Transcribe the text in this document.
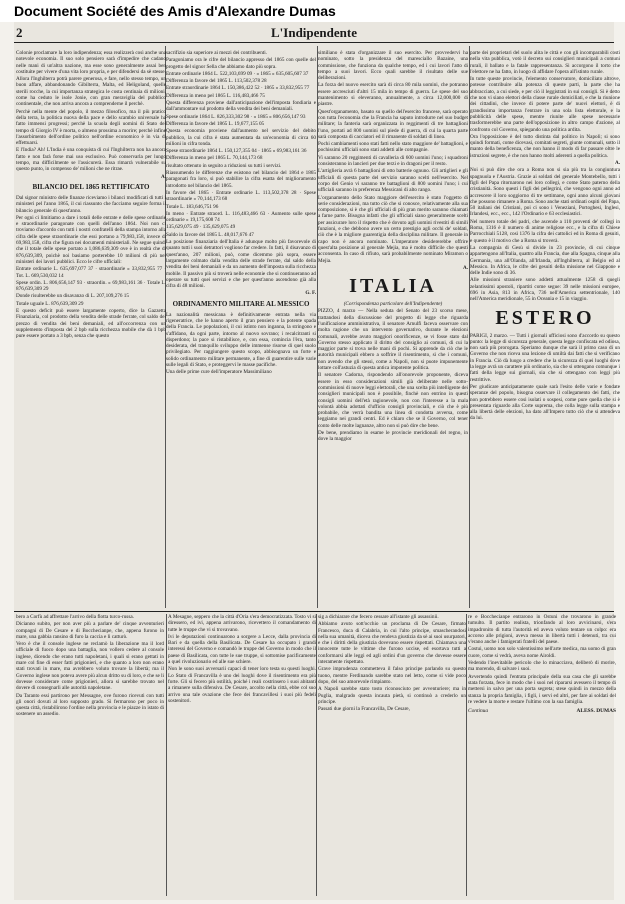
Document Société des Amis d'Alexandre Dumas
2	L'Indipendente

Colonie proclamare la loro indipendenza; essa realizzerà così anche una notevole economia. Il suo solo pensiero sarà d'impedire che cadano nelle mani di un'altra nazione, ma esse sono generalmente assai ben costituite per vivere d'una vita loro propria, e per difendersi da sè stesse.

Allora l'Inghilterra potrà parere generosa, e fare, nello stesso tempo, un buon affare, abbandonando Gibilterra, Malta, ed Heligoland, quelle sterili rocche, la cui importanza strategica le costa centinaia di milioni, come ha ceduto le isole Jonie, con gran meraviglia del pubblico continentale, che non arriva ancora a comprenderne il perchè.

Perchè nella mente del popolo, il mezzo filosofico, ma il più pratico della terra, la politica nuova della pace e dello scambio universale ha fatto immensi progressi; perchè la scuola degli uomini di Stato del tempo di Giorgio IV è morta, o almeno prossima a morire; perchè infine l'assorbimento dell'ordine politico nell'ordine economico è in via di effettuarsi.

E l'India? Ah! L'India è una conquista di cui l'Inghilterra non ha ancora fatto e non farà forse mai uso esclusivo. Può conservarla per lungo tempo, ma difficilmente se l'assicurerà. Essa rimarrà vulnerabile su questo punto, in compenso de' milioni che ne ritrae.

A.

BILANCIO DEL 1865 RETTIFICATO

Dal signor ministro delle finanze riceviamo i bilanci modificati di tutti i ministeri pel l'anno 1865, il cui riassunto che facciamo seguire forma il bilancio generale di quest'anno.

Per ogni ci limitiamo a dare i totali delle entrate e delle spese ordinarie e straordinarie paragonate con quelli dell'anno 1864. Noi non ci troviamo d'accordo con tutti i nostri confratelli della stampa intorno alla cifra delle spese straordinarie che essi portano a 79,983,158, invece di 69,983,158, cifra che figura nei documenti ministeriali. Ne segue quindi che il totale delle spese portato a 1,086,639,309 ove è in realtà che di 876,639,309, poichè noi basiamo porterebbe 10 milioni di più nei ministeri dei lavori pubblici. Ecco le cifre ufficiali:

Entrate ordinarie L. 635,697,077 37 · straordinarie » 33,832,955 77 · Tot. L. 669,530,032 14

Spese ordin. L. 806,656,147 93 · straordin. » 69,983,161 36 · Totale L. 876,639,309 29

Donde risulterebbe un disavanzo di L. 207,109,276 15

Totale uguale L. 876,639,309 29

E questo deficit può essere largamente coperto, dice la Gazzetta Finanziaria, col prodotto della vendita delle strade ferrate, col saldo del prezzo di vendita dei beni demaniali, ed all'occorrenza con un supplemento d'imposta del 2 bpb sulla ricchezza mobile che dà 1 bpb pure essere portato a 3 bpb, senza che questo

sacrifizio sia superiore ai mezzi dei contribuenti.

Paragoniamo ora le cifre del bilancio appresso del 1865 con quelle del progetto del signor Sella che abbiamo dato più sopra.

Entrate ordinarie 1864 L. 522,103,699 09 · » 1865 » 635,605,607 37

Differenza in favore del 1865 L. 113,502,378 28

Entrate straordinarie 1864 L. 150,386,422 52 · 1865 » 33,832,955 77

Differenza in meno pel 1865 L. 116,483,466 75

Questa differenza proviene dall'anticipazione dell'imposta fondiaria e dall'ammontare sul prodotto della vendita dei beni demaniali.

Spese ordinarie 1864 L. 826,333,302 98 · » 1865 » 806,656,147 93

Differenza in favore del 1865 L. 19,677,155 05

Questa economia proviene dall'aumento nel servizio del debito pubblico, la cui cifra è stata aumentata da un'economia di circa 60 milioni in cifra tonda.

Spese straordinarie 1864 L. 150,127,355 04 · 1865 » 69,983,161 36

Differenza in meno pel 1865 L. 70,144,173 68

risultato ottenuto in seguito a riduzioni su tutti i servizi.

Riassumendo le differenze che esistono nel bilancio del 1864 e 1865 paragonati fra loro, si può stabilire la cifra esatta del miglioramento introdotto nel bilancio del 1865.

In favore del 1865 · Entrate ordinarie L. 113,502,378 28 · Spese straordinarie » 70,144,173 68

Totale L. 183,646,751 96

In meno · Entrate straord. L. 116,483,466 63 · Aumento sulle spese ordinarie » 19,175,608 74

135,629,075 49 · 135,629,075 49

Saldo in favore del 1865 L. 48,017,676 47

La posizione finanziaria dell'Italia è adunque molto più favorevole di quanto tutti i suoi detrattori vogliono far credere. In fatti, il disavanzo di quest'anno, 207 milioni, può, come dicemmo più sopra, essere largamente colmato dalla vendita delle strade ferrate, dal saldo della vendita dei beni demaniali e da un aumento dell'imposta sulla ricchezza mobile. Il passivo più si troverà nelle economie che si continueranno ad operare su tutti quei servizi e che per quest'anno ascendono già alla cifra di 48 milioni.

G. F.

ORDINAMENTO MILITARE AL MESSICO

La nazionalità messicana è definitivamente entrata nella via rigeneratrice, che le hanno aperto il gran pensiero e la potente spada della Francia. Le popolazioni, il cui istinto non inganna, la stringono e s'affidano, da ogni parte, intorno al nuovo sovrano; i recalcitranti si disperdono; la pace si ristabilisce, e, con essa, comincia l'èra, tanto desiderata, del tranquillo sviluppo delle immense risorse di quel suolo privilegiato. Per raggiungere questo scopo, abbisognava un forte e solido ordinamento militare permanente, a fine di guarentire sulle varie sulle legali di Stato, e proteggervi le masse pacifiche.

Una delle prime cure dell'imperatore Massimiliano

similiano è stata d'organizzare il suo esercito. Per provvedervi ha nominato, sotto la presidenza del maresciallo Bazaine, una commissione, che funziona da qualche tempo, ed i cui lavori l'atto di tempo a suoi lavori. Ecco quali sarebbe il risultato delle sue deliberazioni.

La forza del nuovo esercito sarà di circa 80 mila uomini, che potranno essere accresciuti d'altri 15 mila in tempo di guerra. Le spese del suo mantenimento si eleveranno, annualmente, a circa 12,000,000 di piastre.

Quest'organamento, basato su quello dell'esercito francese, sarà operato con tutta l'economia che la Francia ha saputo introdurre nel suo budget militare; la fanteria sarà organizzata in reggimenti di tre battaglioni l'uno, portati ad 800 uomini sul piede di guerra, di cui la quarta parte sarà composta di cacciatori ed il rimanente di soldati di linea.

Pochi cambiamenti sono stati fatti nello stato maggiore de' battaglioni, e pochissimi ufficiali sono stati addetti alle compagnie.

Vi saranno 20 reggimenti di cavalleria di 600 uomini l'uno; i squadroni consisteranno in lancieri per due terzi e in dragoni per il resto.

L'artiglieria avrà 6 battaglioni di otto batterie ognuno. Gli artiglieri e gli ufficiali di questa parte del servizio saranno scelti nell'esercito. Nel corpo del Genio vi saranno tre battaglioni di 800 uomini l'uno; i cui ufficiali saranno in preferenza Messicani di alto rango.

L'organamento dello Stato maggiore dell'esercito è stato l'oggetto di serie considerazioni, ma tutto ciò che si conosce, relativamente alla sua composizione, si è che gli ufficiali di più gran merito saranno chiamati a farne parte. Bisogna infatti che gli ufficiali siano generalmente scelti per assicurare loro il rispetto che è dovuto agli uomini rivestiti di simili funzioni, e che debbono avere un certo prestigio agli occhi de' soldati, ciò che è la migliore guarentigia della disciplina militare. Il generale in capo non è ancora nominato. L'imperatore desidererebbe offrire quest'alta posizione al generale Mejia, ma è molto difficile che questi acconsenta. In caso di rifiuto, sarà probabilmente nominato Miramon o Mejia.

A.

ITALIA

(Corrispondenza particolare dell'Indipendente)

PIZZO, 4 marzo — Nella seduta del Senato del 23 scorso mese, trattandosi della discussione del progetto di legge che riguarda l'unificazione amministrativa, il senatore Arnulfi faceva osservare con molta ragione che un intervento governativo, durante le elezioni comunali, avrebbe avuto maggiori onorificenze, se vi fosse stato dal Governo stesso applicato il diritto del consiglio ai comuni, di cui la maggior parte si trova nelle mani di pochi. Si apprende da ciò che le autorità municipali ebbero a soffrire il risentimento, sì che i comuni, non avendo che gli stessi, come a Napoli, non si puote impunemente lottare coll'astuzia di questa antica impotente politica.

Il senatore Cadorna, rispondendo all'onorevole proponente, diceva essere in esso considerazioni simili già deliberate nelle sotto-commissioni di nuove leggi elettorali, che una scelta più intelligente dei consiglieri municipali non è possibile, finchè non entrino in questi consigli uomini dell'età ragionevole, non con l'interesse a la mala volontà abbia adottati d'ufficio consigli provinciali, e ciò che è più probabile, che verrà bandita una linea di condotta avversa, come leggiamo nei grandi centri. Ed è chiaro che se il Governo, col tener conto delle molte lagnanze, altro non si può dire che bene.

De bene, prendiamo in esame le provincie meridionali del regno, in dove la maggior

parte dei proprietari del suolo alita le città e con gli incomparabili costi nella vita pubblica, votò il decreto sui consiglieri municipali a comuni rurali, il ballato e la fatale rappresentanza. Si accorgono il torto che l'elettore ne ha fatto, in luogo di affidare l'opera all'istinto rurale.

In tutte queste provincie, l'elemento conservatore, domiciliato altrove, potesse contribuire alla potenza di queste parti, la parte che ha abbracciato, a cui siede, e per ciò il leggistrati in sui consigli. Si è detto che non vi siano elettori della classe rurale domiciliati, e che la riunione dei cittadini, che invece di potere parte de' nuovi elettori, è di grandissima importanza l'entrare in una sola lista elettorale, e la pubblicità delle spese, mentre riunite alle spese necessarie trasformerebbe una parte dell'opposizione in altro campo d'azione, al confronto col Governo, spiegando una politica ardita.

Ora l'opposizione è del tutto distinta dal politico in Napoli; si sono quindi formati, come dicevasi, comitati segreti, giunte comunali, sotto il manto della beneficenza, che non hanno il modo di far passare oltre le istruzioni segrete, è che non hanno molti aderenti a quella politica.

A.

Noi si può dire che ora a Roma non si sia più tra la congiuntura spagnuola e l'Austria. Grazie ai soldati del generale Montebello, tutti i figli del Papa ritornarono nei loro collegi, e come Stato paterno della cristianità. Sono questi i figli dei pellegrini, che vengono ogni anno ad accrescere il loro soggiorno di tre settimane, ogni anno alcuni giovani che possono rimanere a Roma. Sono anche stati ordinati ospiti del Papa, 50 italiani dei Cristiani, poi ci sono i Veneziani, Portoghesi, Inglesi, Irlandesi, ecc., ecc., 142 l'Ordinario e 63 ecclesiastici.

Nel numero totale dei padri, che ascende a 110 proventi de' collegi in Roma, 1316 è il numero di anime religiose ecc., e la cifra di Chiese Parrocchiali 5128, così 1376 la cifra dei cattolici ed in Roma di gesuiti, e questo è il motivo che a Roma si troverà.

La compagnia di Gesù si divide in 23 provincie, di cui cinque appartengono all'Italia, quattro alla Francia, due alla Spagna, cinque alla Germania, una all'Olanda, all'Irlanda, all'Inghilterra, al Belgio ed al Messico. In Africa, le cifre dei gesuiti della missione nel Giappone e delle Indie sono di 36.

Alle missioni straniere sono addetti attualmente 1258 di quegli zelantissimi apostoli, ripartiti come segue: 39 nelle missioni europee, 696 in Asia, 813 in Africa, 736 nell'America settentrionale, 140 nell'America meridionale, 55 in Oceania e 15 in viaggio.

ESTERO

PARIGI, 2 marzo. — Tutti i giornali ufficiosi sono d'accordo su questo punto: la legge di sicurezza generale, questa legge confiscata ed odiosa, non sarà più prorogata. Speriamo dunque che sarà il primo caso di un Governo che non riceva una lezione di umiltà dai fatti che si verificano in Francia. Ciò dà luogo a credere che la sicurezza di quei luoghi dove la legge avrà un carattere più ordinario, sia che si ottengano comunque i fatti della legge sui giornali, sia che si ottengano con leggi più restrittive.

Per giudicare anticipatamente quale sarà l'esito delle varie e fondate speranze del popolo, bisogna osservare il collegamento dei fatti, che non potrebbero essere cosi isolati o sospesi, come pure quella che si è presentata riguardo alla Corte suprema, che colla legge sulla stampa e alla libertà delle elezioni, ha dato all'Impero tutto ciò che si attendeva da lui.

bero a Corfù ad affrettare l'arrivo della flotta turco-russa.

Dicianno subito, per non aver più a parlare de' cinque avventurieri compagni di De Cesare e di Bocchecianpe, che, appena furono in mare, una gabbia ransino di furo la caccia e li catturò.

Vero è che il console inglese ne reclamò la liberazione ma il lord ufficiale di fuoco dopo una battaglia, non vollero cedere al console inglese, dicendo che erano tutti napoletani, i quali si erano gettati in mare col fine di esser fatti prigionieri, e che quanto a loro non erano stati trovati in mare, ma avrebbero voluto trovare la libertà; ma il Governo inglese non poteva avere più alcun dritto su di loro, e che se li dovesse considerare come prigionieri, allora si sarebbe trovato nel dovere di consegnarli alle autorità napoletane.

Da Taranto essi partirono per Messagne, ove furono ricevuti con tutti gli onori dovuti al loro supposto grado. Si fermarono per poco in questa città, ristabilirono l'ordine nella provincia e le piazze in istato di sostenere un assedio.

A Mesagne, seppero che la città d'Oria s'era democratizzata. Tosto vi si diressero, ed ivi, appena arrivarono, ricevettero il comandamento di tutte le truppe che vi si trovavano.

Ivi le deputazioni continuarono a sorgere a Lecce, dalla provincia di Bari e da quella della Basilicata. De Cesare ha occupato i grandi interessi del Governo e comandò le truppe del Governo in modo che il paese di Basilicata, con tutte le sue truppe, si sottomise pacificamente a quel rivoluzionario ed alle sue schiere.

Non le sono suoi avversarii capaci di tener loro testa su questi luoghi. Lo Stato di Francavilla è uno dei luoghi dove il risentimento era più forte. Gli si fecero più ostilità, poiché i reali costrinsero i suoi abitanti a rimanere sulla difensiva. De Cesare, accolto nella città, ebbe col suo arrivo una tale ovazione che fece dei francavillesi i suoi più fedeli sostenitori.

sig a dichiarare che fecero cessare all'istante gli assassinii.

Abbiamo avuto sott'occhio un proclama di De Cesare, firmato Francesco, duca di Calabria, in cui l'alto principe, smascherandosi nella sua umanità, diceva che rendeva giustizia da sè ai suoi usurpatori, e che i diritti della giustizia dovevano essere rispettati. Chiamava una innocente tutte le vittime che furono uccise, ed esortava tutti a conformarsi alle leggi ed agli ordini d'un governo che dovesse essere interamente rispettato.

Grave imprudenza commetteva il falso principe parlando su questo tuono, mentre Ferdinando sarebbe stato nel letto, come si vide poco dopo, del suo amorevole rimpianto.

A Napoli sarebbe stato tosto riconosciuto per avventuriere; ma in Puglia, malgrado questa incauta pietà, si continuò a crederlo un principe.

Passati due giorni la Francavilla, De Cesare,

re e Bocchecianpe entrarono in Ostuni che trovarono in grande tumulto. Il partito realista, trionfando al loro avvicinarsi, s'era impadronito di tutta l'autorità ed aveva voluto tentare un colpo: era accorso alle prigioni, aveva messo in libertà tutti i detenuti, tra cui v'erano anche i famigerati fratelli del paese.

Costui, uomo non solo valentissimo nell'arte medica, ma uomo di gran cuore, come si vedrà, aveva nome Airoldi.

Vedendo l'inevitabile pericolo che lo minacciava, deliberò di morire, ma morendo, di salvare i suoi.

Avvertendo quindi l'entrata principale della sua casa che gli sarebbe stata forzata, fece in modo che i suoi nel ripararsi avessero il tempo di mettersi in salvo per una porta segreta; stese quindi in mezzo della stanza la propria famiglia, i figli, i servi ed altri, per fare ai soldati del re vedere la morte e restare l'ultimo con la sua famiglia.

Continua	ALESS. DUMAS
